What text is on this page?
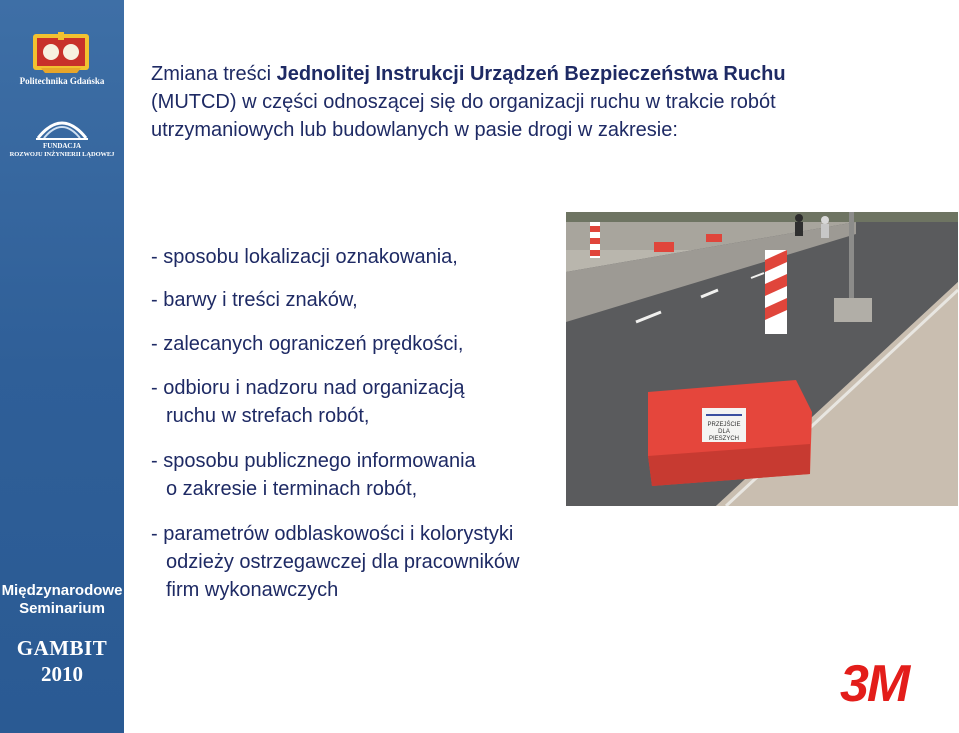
Politechnika Gdańska
FUNDACJA
ROZWOJU INŻYNIERII LĄDOWEJ
Międzynarodowe
Seminarium
GAMBIT
2010
Zmiana treści Jednolitej Instrukcji Urządzeń Bezpieczeństwa Ruchu (MUTCD) w części odnoszącej się do organizacji ruchu w trakcie robót utrzymaniowych lub budowlanych w pasie drogi w zakresie:
- sposobu lokalizacji oznakowania,
- barwy i treści znaków,
- zalecanych ograniczeń prędkości,
- odbioru i nadzoru nad organizacją
ruchu w strefach robót,
- sposobu publicznego informowania
o zakresie i terminach robót,
- parametrów odblaskowości i kolorystyki
odzieży ostrzegawczej dla pracowników
firm wykonawczych
PRZEJŚCIE
DLA
PIESZYCH
3M
